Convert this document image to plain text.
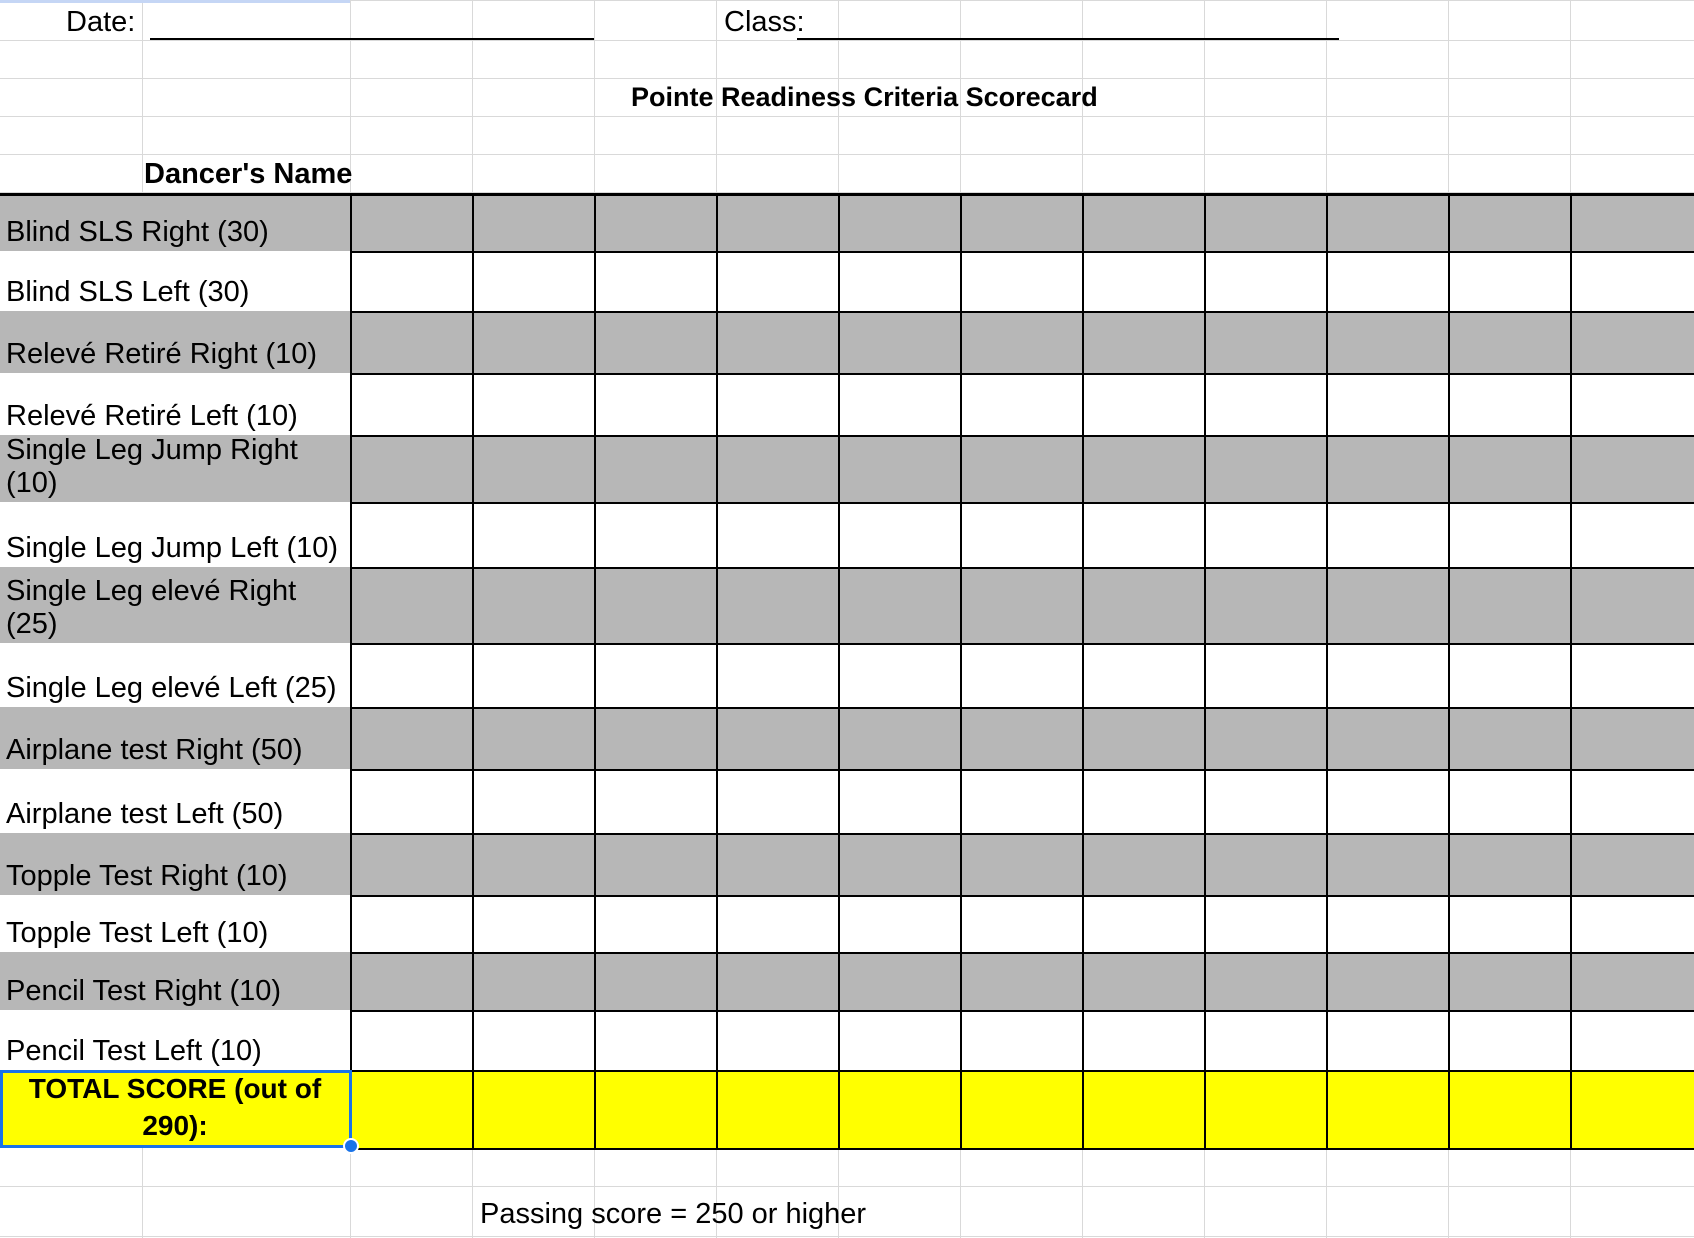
Date:	Class:
Pointe Readiness Criteria Scorecard
Dancer's Name
Blind SLS Right (30)
Blind SLS Left (30)
Relevé Retiré Right (10)
Relevé Retiré Left (10)
Single Leg Jump Right (10)
Single Leg Jump Left (10)
Single Leg elevé Right (25)
Single Leg elevé Left (25)
Airplane test Right (50)
Airplane test Left (50)
Topple Test Right (10)
Topple Test Left (10)
Pencil Test Right (10)
Pencil Test Left (10)
TOTAL SCORE (out of
290):
Passing score = 250 or higher
